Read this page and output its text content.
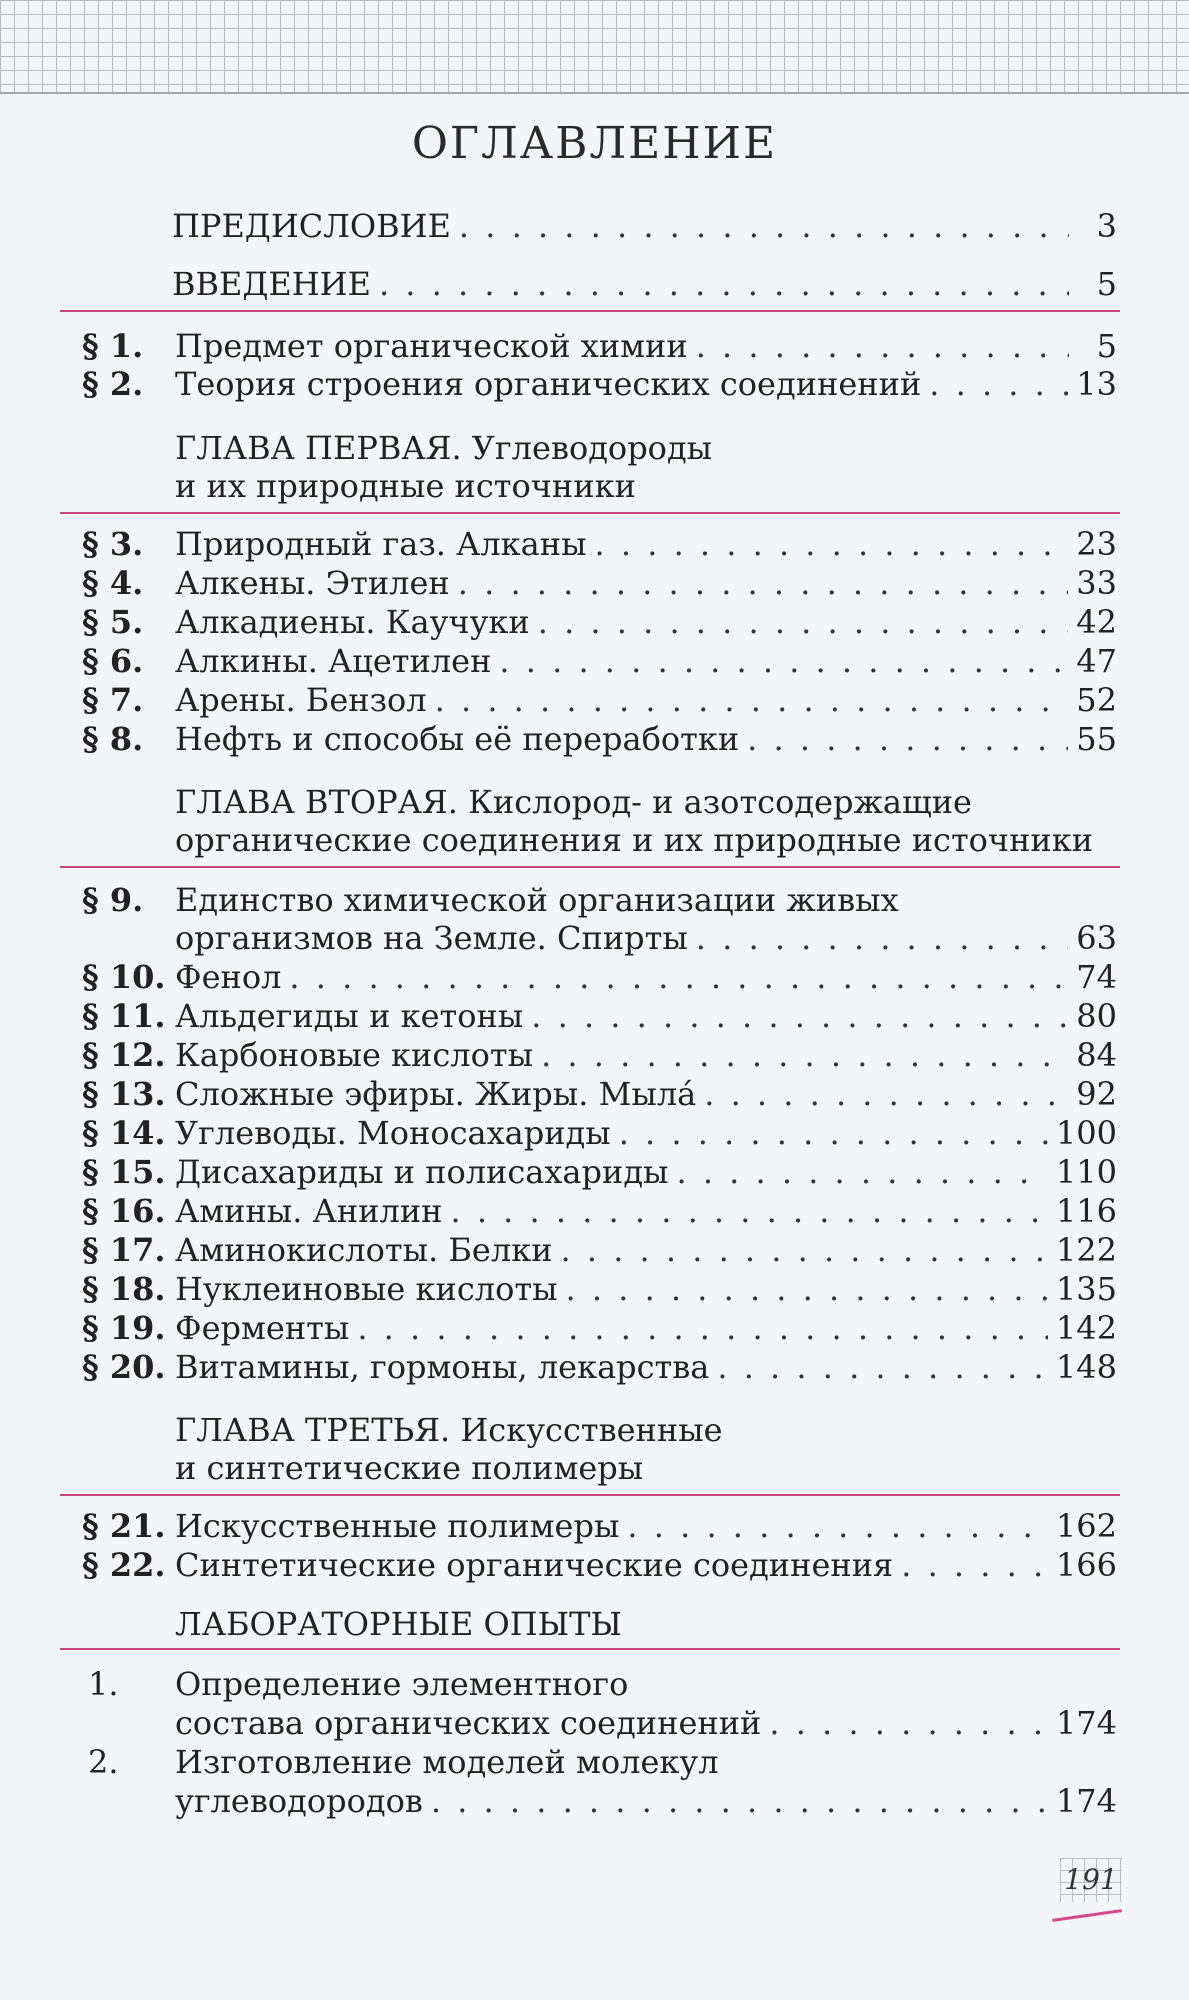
ОГЛАВЛЕНИЕ
ПРЕДИСЛОВИЕ . . .	3
ВВЕДЕНИЕ . . .	5
§ 1. Предмет органической химии . . .	5
§ 2. Теория строения органических соединений . . .	13
ГЛАВА ПЕРВАЯ. Углеводороды
и их природные источники
§ 3. Природный газ. Алканы . . .	23
§ 4. Алкены. Этилен . . .	33
§ 5. Алкадиены. Каучуки . . .	42
§ 6. Алкины. Ацетилен . . .	47
§ 7. Арены. Бензол . . .	52
§ 8. Нефть и способы её переработки . . .	55
ГЛАВА ВТОРАЯ. Кислород- и азотсодержащие
органические соединения и их природные источники
§ 9. Единство химической организации живых
организмов на Земле. Спирты . . .	63
§ 10. Фенол . . .	74
§ 11. Альдегиды и кетоны . . .	80
§ 12. Карбоновые кислоты . . .	84
§ 13. Сложные эфиры. Жиры. Мыла́ . . .	92
§ 14. Углеводы. Моносахариды . . .	100
§ 15. Дисахариды и полисахариды . . .	110
§ 16. Амины. Анилин . . .	116
§ 17. Аминокислоты. Белки . . .	122
§ 18. Нуклеиновые кислоты . . .	135
§ 19. Ферменты . . .	142
§ 20. Витамины, гормоны, лекарства . . .	148
ГЛАВА ТРЕТЬЯ. Искусственные
и синтетические полимеры
§ 21. Искусственные полимеры . . .	162
§ 22. Синтетические органические соединения . . .	166
ЛАБОРАТОРНЫЕ ОПЫТЫ
1. Определение элементного
состава органических соединений . . .	174
2. Изготовление моделей молекул
углеводородов . . .	174
191
